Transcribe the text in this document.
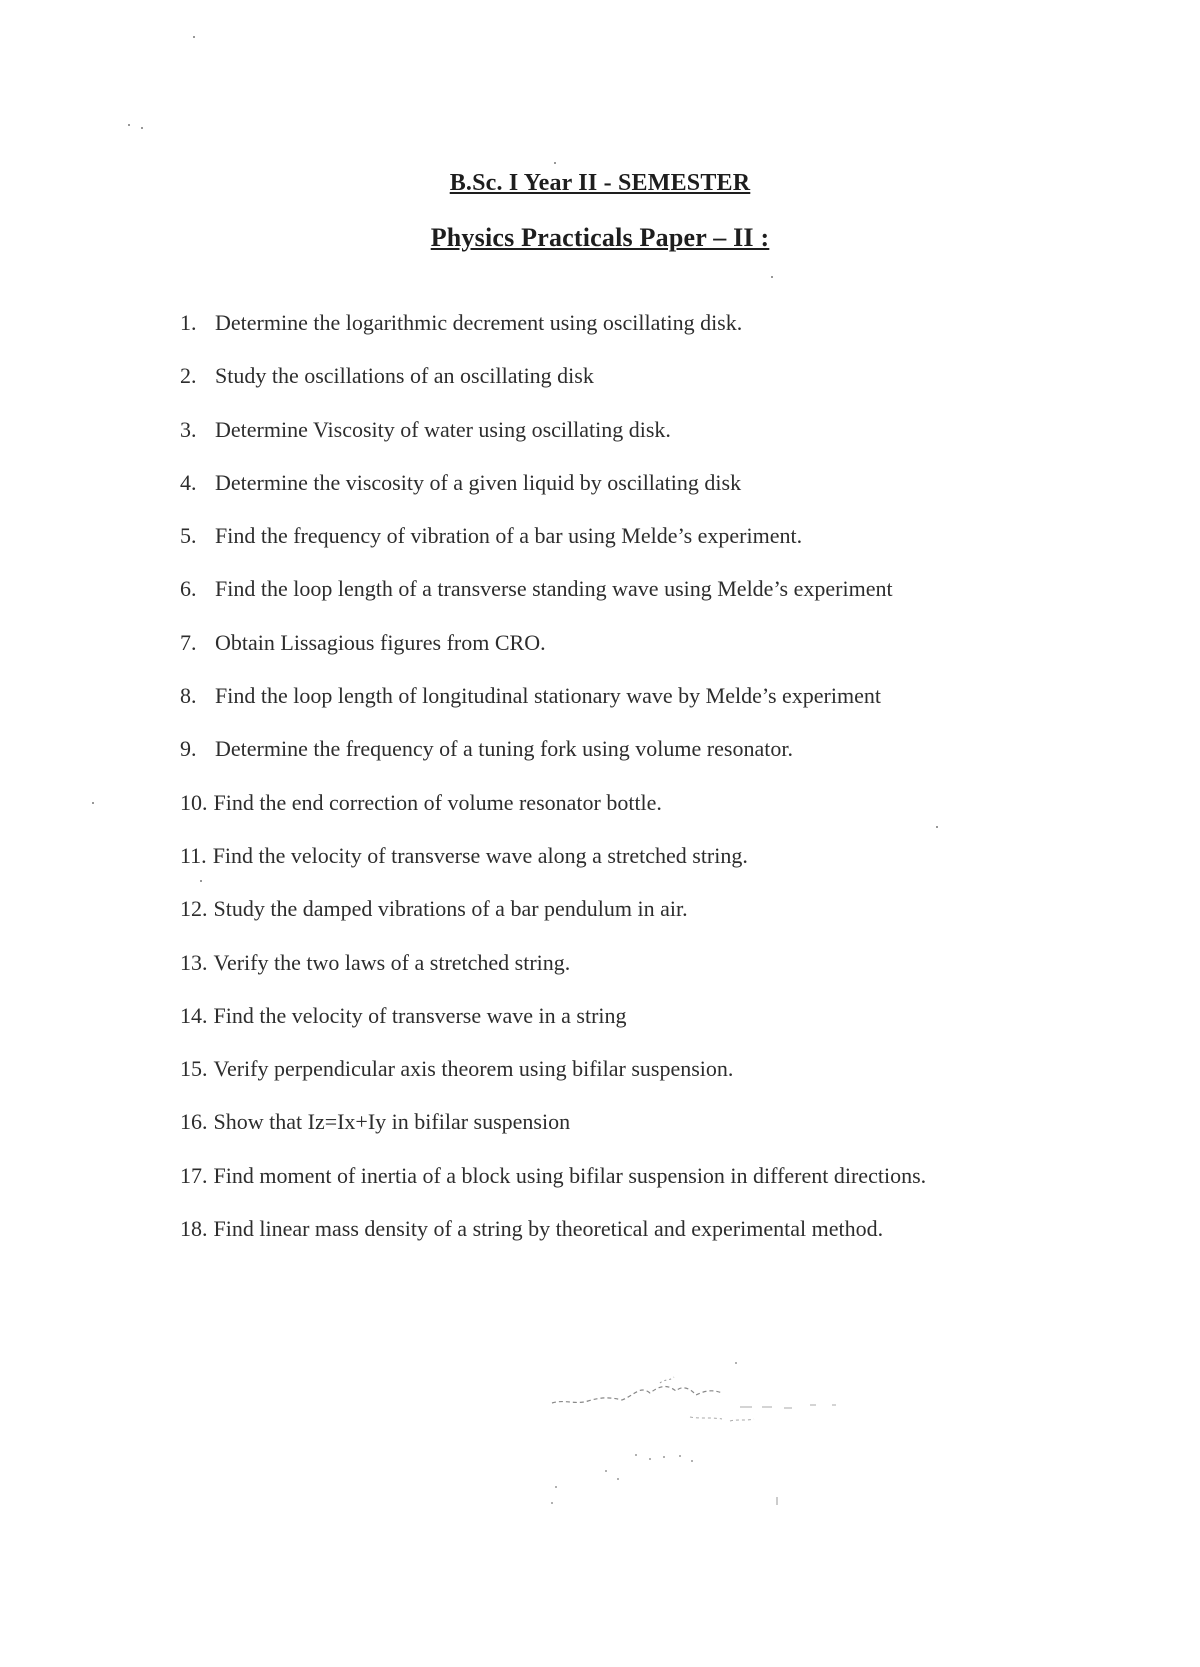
B.Sc. I Year II - SEMESTER
Physics Practicals Paper – II :
1. Determine the logarithmic decrement using oscillating disk.
2. Study the oscillations of an oscillating disk
3. Determine Viscosity of water using oscillating disk.
4. Determine the viscosity of a given liquid by oscillating disk
5. Find the frequency of vibration of a bar using Melde’s experiment.
6. Find the loop length of a transverse standing wave using Melde’s experiment
7. Obtain Lissagious figures from CRO.
8. Find the loop length of longitudinal stationary wave by Melde’s experiment
9. Determine the frequency of a tuning fork using volume resonator.
10. Find the end correction of volume resonator bottle.
11. Find the velocity of transverse wave along a stretched string.
12. Study the damped vibrations of a bar pendulum in air.
13. Verify the two laws of a stretched string.
14. Find the velocity of transverse wave in a string
15. Verify perpendicular axis theorem using bifilar suspension.
16. Show that Iz=Ix+Iy in bifilar suspension
17. Find moment of inertia of a block using bifilar suspension in different directions.
18. Find linear mass density of a string by theoretical and experimental method.
